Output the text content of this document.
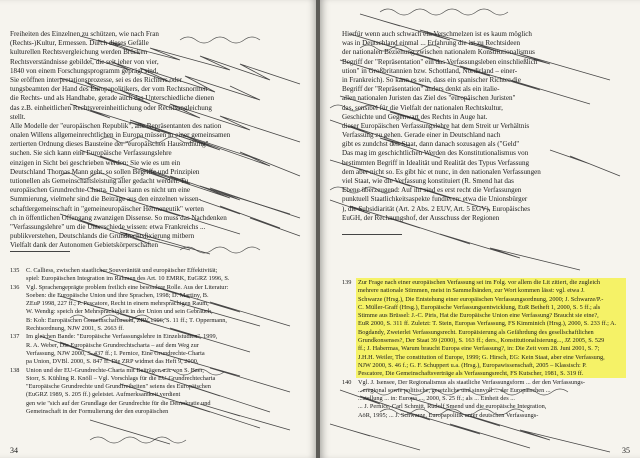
Freiheiten des Einzelnen zu schützen, wie nach Fran
(Rechts-)Kultur, Ermessen. Durch dieses Gefälle
kulturellen Rechtsvergleichung werden Brücken
Rechtsverständnisse gebildet, die seit jeher von vier,
1840 von einem Forschungsprogramm geprägt sind.
Sie eröffnen interpretationsprozesse, sei es des Richters oder
tungsbeamten der Hand des Europapolitikers, der vom Rechtsnormen
die Rechts- und als Handhabe, gerade auch das Unterschiedliche dienen
das z.B. einheitlichen Rechtsvereinheitlichung oder Rechtsangleichung
stellt.
Alle Modelle der "europäischen Republik", alle Repräsentanten des nation
onalen Willens allgemeinrechtlichen in Europa müssen in einer gemeinsamen
zertierten Ordnung dieses Bausteine der "europäischen Hausordnung"
suchen. Sie sich kann eine Europäische Verfassungslehre
einzigen in Sicht bei geschrieben werden: Sie wie es um ein
Deutschland Thomas Mann geht, so sollen Begriffe und Prinzipien
tutionellen als Gemeinschaftsleistung aller gedacht werden. Tu
europäischen Grundrechte-Charta. Dabei kann es nicht um eine
Summierung, vielmehr sind die Beiträge aus den einzelnen wissen-
schaftlergemeinschaft in "gemeineuropäischer Hermeneutik" werten
ch in öffentlichen Offengang zwanzigen Dissense. So muss das Nachdenken
"Verfassungslehre" um die Unterschiede wissen: etwa Frankreichs ...
publikverstehen, Deutschlands die Grundrechtsfixierung mitbern
Vielfalt dank der Autonomen Gebietskörperschaften
135 C. Calliess, zwischen staatlicher Souveränität und europäischer Effektivität;
spiel: Europäischen Integration im Rahmen des Art. 10 EMRK, EuGRZ 1996, S.
136 Vgl. Sprachengeprägte problem freilich eine besondere Rolle. Aus der Literatur:
Soeben: die Europäische Union und ihre Sprachen, 1998; D. Martiny, B.
ZEuP 1998, 227 ff.; P. Pescatore, Recht in einem mehrsprachigen Raum,
W. Wendig: speich der Mehrsprachigkeit in der Union und sein Gebrauch,
B: Koh: Europäischen Gemeinschaftsrecht, ZRV 1996, S. 11 ff.; T. Oppermann,
Rechtsordnung, NJW 2001, S. 2663 ff.
137 Im gleichen Bande: "Europäische Verfassungslehre in Einzelstudien", 1999,
R. A. Weber, Die Europäische Grundrechtscharta – auf dem Weg zur
Verfassung, NJW 2000, S. 437 ff.; I. Pernice, Eine Grundrechte-Charta
pa Union, DVBl. 2000, S. 847 ff. Die ZRP widmet das Heft 9, 2000,
138 Union und der EU-Grundrechte-Charta mit Beiträgen u.a. von S. Baer,
Storr, S. Kühling R. Knöll – Vgl. Vorschlags für die EU-Grundrechtecharta
"Europäische Grundrechte und Grundfreiheiten" seiens des Europäischen
(EuGRZ 1989, S. 205 ff.) geleistet. Aufmerksamkeit verdient
gen wie "sich auf der Grundlage der Grundrechte für die Demokratie und
Gemeinschaft in der Formulierung der den europäischen
34
Hierfür wenn auch schwach ein Verschmelzen ist es kaum möglich
was in Deutschland einmal ... Erfahrung die ist zu Rechtsideen
der nationalen Beziehung zwischen nationalem Konstitutionalismus
Begriff der "Repräsentation" ein das Verfassungsleben einschließlich
ution" in Großbritannien bzw. Schottland, Nordirland – einer-
in Frankreich). So kann es sein, dass ein spanischer Richter die
Begriff der "Repräsentation" anders denkt als ein italie-
allen nationalen Juristen das Ziel des "europäischen Juristen"
das, sensibel für die Vielfalt der nationalen Rechtskultur,
Geschichte und Gegenwart des Rechts in Auge hat.
dieser Europäischen Verfassungslehre hat dem Streit ur Verhältnis
Verfassung zu gehen. Gerade einer in Deutschland nach
gibt es zundchst den Staat, dann danach sozusagen als ("Geld"
Das mag im geschichtlichen Werden des Konstitutionalismus von
bestimmten Begriff in Idealität und Realität des Typus Verfassung
dem aber nicht so. Es gibt hic et nunc, in den nationalen Verfassungen
viel Staat, wie die Verfassung konstituiert (R. Smend hat das
Ebene überzeugend: Auf ihr sind es erst recht die Verfassungen
punktuell Staatlichkeitsaspekte fundieren: etwa die Unionsbürger
), die Subsidiarität (Art. 2 Abs. 2 EUV, Art. 5 EGV), Europäisches
EuGH, der Rechnungshof, der Ausschuss der Regionen
139 Zur Frage nach einer europäischen Verfassung sei im Folg. vor allem die Lit zitiert, die zugleich
mehrere nationale Stimmen, meist in Sammelbänden, zur Wort kommen lässt: vgl. etwa J.
Schwarze (Hrsg.), Die Entstehung einer europäischen Verfassungsordnung, 2000; J. Schwarze/P.-
C. Müller-Graff (Hrsg.), Europäische Verfassungsentwicklung, EuR Beiheft 1, 2000, S. 5 ff.; als
Stimme aus Brüssel: J.-C. Piris, Hat die Europäische Union eine Verfassung? Braucht sie eine?,
EuR 2000, S. 311 ff. Zuletzt: T. Stein, Europas Verfassung, FS Kimminich (Hrsg.), 2000, S. 233 ff.; A.
Bogdandy, Zweierlei Verfassungsrecht. Europäisierung als Gefährdung des gesellschaftlichen
Grundkonsenses?, Der Staat 39 (2000), S. 163 ff.; ders., Konstitutionalisierung..., JZ 2005, S. 529
ff.; J. Habermas, Warum braucht Europa eine Verfassung?, in: Die Zeit vom 28. Juni 2001, S. 7;
J.H.H. Weiler, The constitution of Europe, 1999; G. Hirsch, EG: Kein Staat, aber eine Verfassung,
NJW 2000, S. 46 f.; G. F. Schuppert u.a. (Hrsg.), Europawissenschaft, 2005 – Klassisch: P.
Pescatore, Die Gemeinschaftsverträge als Verfassungsrecht, FS Kutscher, 1981, S. 319 ff.
140 Vgl. J. Isensee, Der Regionalismus als staatliche Verfassungsform ... der den Verfassungs-
...eregional sowie politische, gesetzliche und sinnvoll ... der Europäischen ...
...stellung ... in: Europa ..., 2000, S. 25 ff.; als ... Einheit des ...
... J. Pernice, Carl Schmitt, Rudolf Smend und die europäische Integration,
AöR, 1995; ... J. Schwarze, Europapolitik unter deutschen Verfassungs-
35
